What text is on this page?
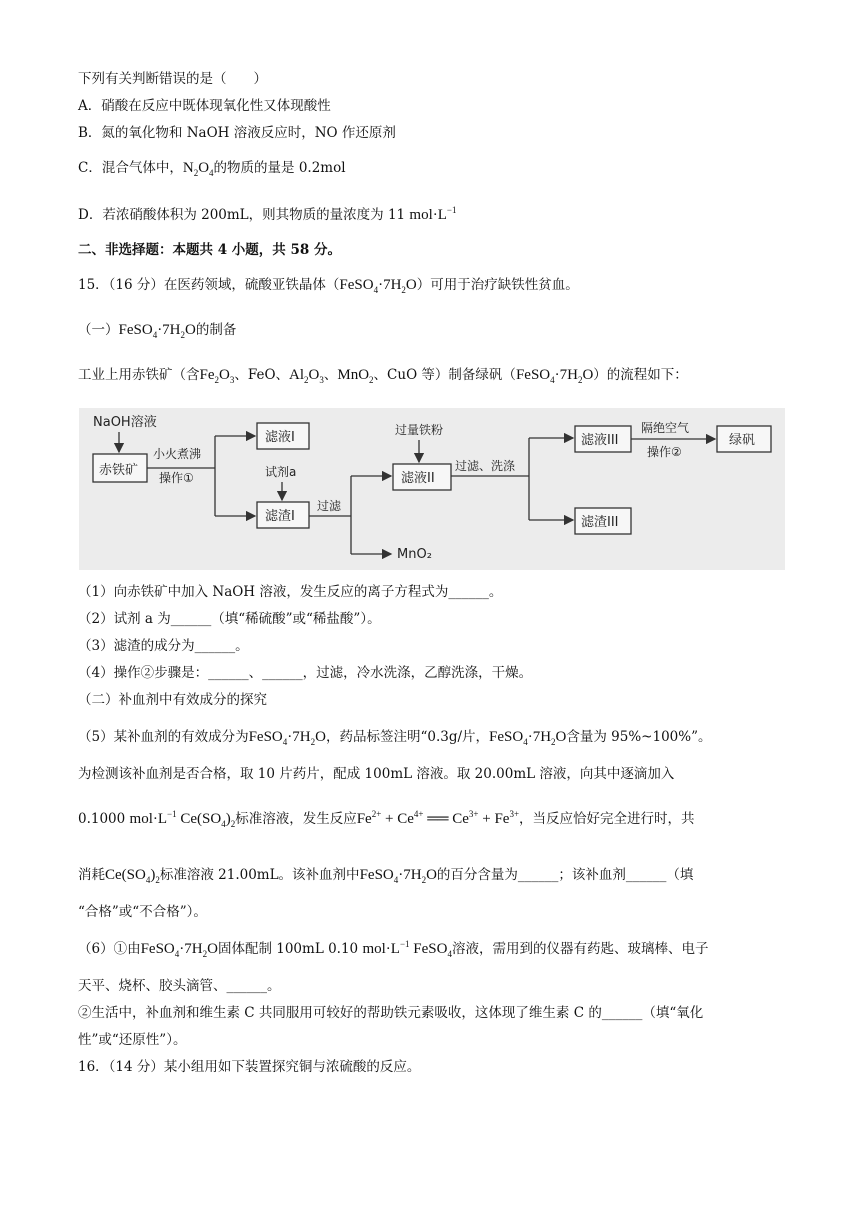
下列有关判断错误的是（　　）
A．硝酸在反应中既体现氧化性又体现酸性
B．氮的氧化物和 NaOH 溶液反应时，NO 作还原剂
C．混合气体中，$N_2O_4$的物质的量是 0.2mol
D．若浓硝酸体积为 200mL，则其物质的量浓度为 11 $mol\cdot L^{-1}$
二、非选择题：本题共 4 小题，共 58 分。
15．（16 分）在医药领域，硫酸亚铁晶体$(FeSO_4\cdot 7H_2O)$可用于治疗缺铁性贫血。
（一）$FeSO_4\cdot 7H_2O$的制备
工业上用赤铁矿（含$Fe_2O_3$、FeO、$Al_2O_3$、MnO$_2$、CuO 等）制备绿矾$(FeSO_4\cdot 7H_2O)$的流程如下：
NaOH溶液
赤铁矿
小火煮沸
操作①
滤液I
试剂a
滤渣I
过滤
MnO₂
过量铁粉
滤液II
过滤、洗涤
滤液III
滤渣III
隔绝空气
操作②
绿矾
（1）向赤铁矿中加入 NaOH 溶液，发生反应的离子方程式为______。
（2）试剂 a 为______（填“稀硫酸”或“稀盐酸”）。
（3）滤渣的成分为______。
（4）操作②步骤是：______、______，过滤，冷水洗涤，乙醇洗涤，干燥。
（二）补血剂中有效成分的探究
（5）某补血剂的有效成分为$FeSO_4\cdot 7H_2O$，药品标签注明“0.3g/片，$FeSO_4\cdot 7H_2O$含量为 95%~100%”。
为检测该补血剂是否合格，取 10 片药片，配成 100mL 溶液。取 20.00mL 溶液，向其中逐滴加入
0.1000 $mol\cdot L^{-1}$ $Ce(SO_4)_2$标准溶液，发生反应$Fe^{2+} + Ce^{4+}$ ══ $Ce^{3+} + Fe^{3+}$，当反应恰好完全进行时，共
消耗$Ce(SO_4)_2$标准溶液 21.00mL。该补血剂中$FeSO_4\cdot 7H_2O$的百分含量为______；该补血剂______（填
“合格”或“不合格”）。
（6）①由$FeSO_4\cdot 7H_2O$固体配制 100mL 0.10 $mol\cdot L^{-1}$ FeSO$_4$溶液，需用到的仪器有药匙、玻璃棒、电子
天平、烧杯、胶头滴管、______。
②生活中，补血剂和维生素 C 共同服用可较好的帮助铁元素吸收，这体现了维生素 C 的______（填“氧化
性”或“还原性”）。
16．（14 分）某小组用如下装置探究铜与浓硫酸的反应。
